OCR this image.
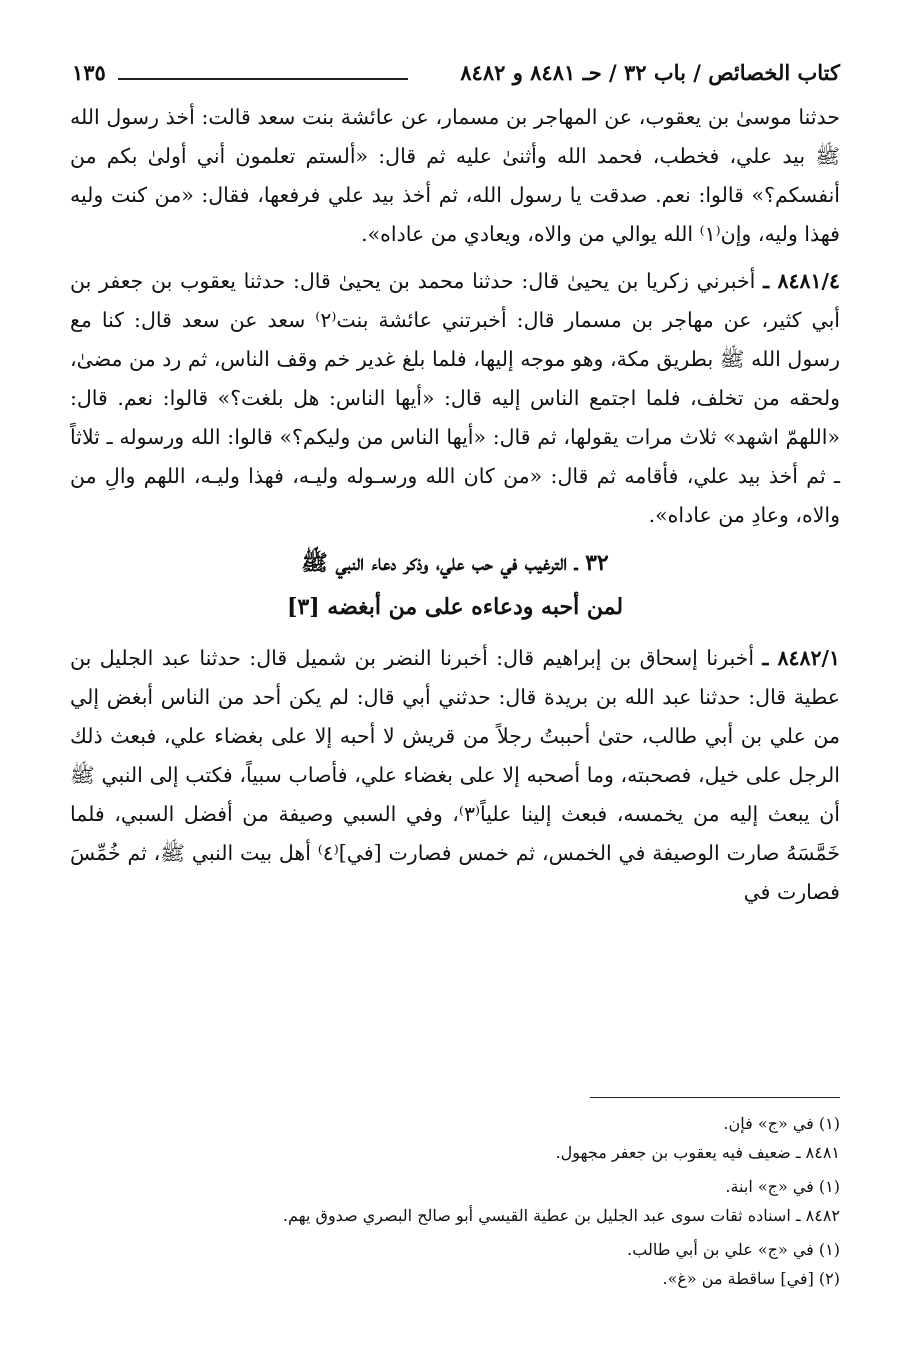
كتاب الخصائص / باب ٣٢ / حـ ٨٤٨١ و ٨٤٨٢
١٣٥

حدثنا موسىٰ بن يعقوب، عن المهاجر بن مسمار، عن عائشة بنت سعد قالت: أخذ رسول الله ﷺ بيد علي، فخطب، فحمد الله وأثنىٰ عليه ثم قال: «ألستم تعلمون أني أولىٰ بكم من أنفسكم؟» قالوا: نعم. صدقت يا رسول الله، ثم أخذ بيد علي فرفعها، فقال: «من كنت وليه فهذا وليه، وإن⁽١⁾ الله يوالي من والاه، ويعادي من عاداه».

٨٤٨١/٤ ـ أخبرني زكريا بن يحيىٰ قال: حدثنا محمد بن يحيىٰ قال: حدثنا يعقوب بن جعفر بن أبي كثير، عن مهاجر بن مسمار قال: أخبرتني عائشة بنت⁽٢⁾ سعد عن سعد قال: كنا مع رسول الله ﷺ بطريق مكة، وهو موجه إليها، فلما بلغ غدير خم وقف الناس، ثم رد من مضىٰ، ولحقه من تخلف، فلما اجتمع الناس إليه قال: «أيها الناس: هل بلغت؟» قالوا: نعم. قال: «اللهمّ اشهد» ثلاث مرات يقولها، ثم قال: «أيها الناس من وليكم؟» قالوا: الله ورسوله ـ ثلاثاً ـ ثم أخذ بيد علي، فأقامه ثم قال: «من كان الله ورسـوله وليـه، فهذا وليـه، اللهم والِ من والاه، وعادِ من عاداه».

٣٢ ـ الترغيب في حب علي، وذكر دعاء النبي ﷺ
لمن أحبه ودعاءه على من أبغضه [٣]

٨٤٨٢/١ ـ أخبرنا إسحاق بن إبراهيم قال: أخبرنا النضر بن شميل قال: حدثنا عبد الجليل بن عطية قال: حدثنا عبد الله بن بريدة قال: حدثني أبي قال: لم يكن أحد من الناس أبغض إلي من علي بن أبي طالب، حتىٰ أحببتُ رجلاً من قريش لا أحبه إلا على بغضاء علي، فبعث ذلك الرجل على خيل، فصحبته، وما أصحبه إلا على بغضاء علي، فأصاب سبياً، فكتب إلى النبي ﷺ أن يبعث إليه من يخمسه، فبعث إلينا علياً⁽٣⁾، وفي السبي وصيفة من أفضل السبي، فلما خَمَّسَهُ صارت الوصيفة في الخمس، ثم خمس فصارت [في]⁽٤⁾ أهل بيت النبي ﷺ، ثم خُمِّسَ فصارت في

(١) في «ج» فإن.

٨٤٨١ ـ ضعيف فيه يعقوب بن جعفر مجهول.

(١) في «ج» ابنة.

٨٤٨٢ ـ اسناده ثقات سوى عبد الجليل بن عطية القيسي أبو صالح البصري صدوق يهم.

(١) في «ج» علي بن أبي طالب.

(٢) [في] ساقطة من «غ».
